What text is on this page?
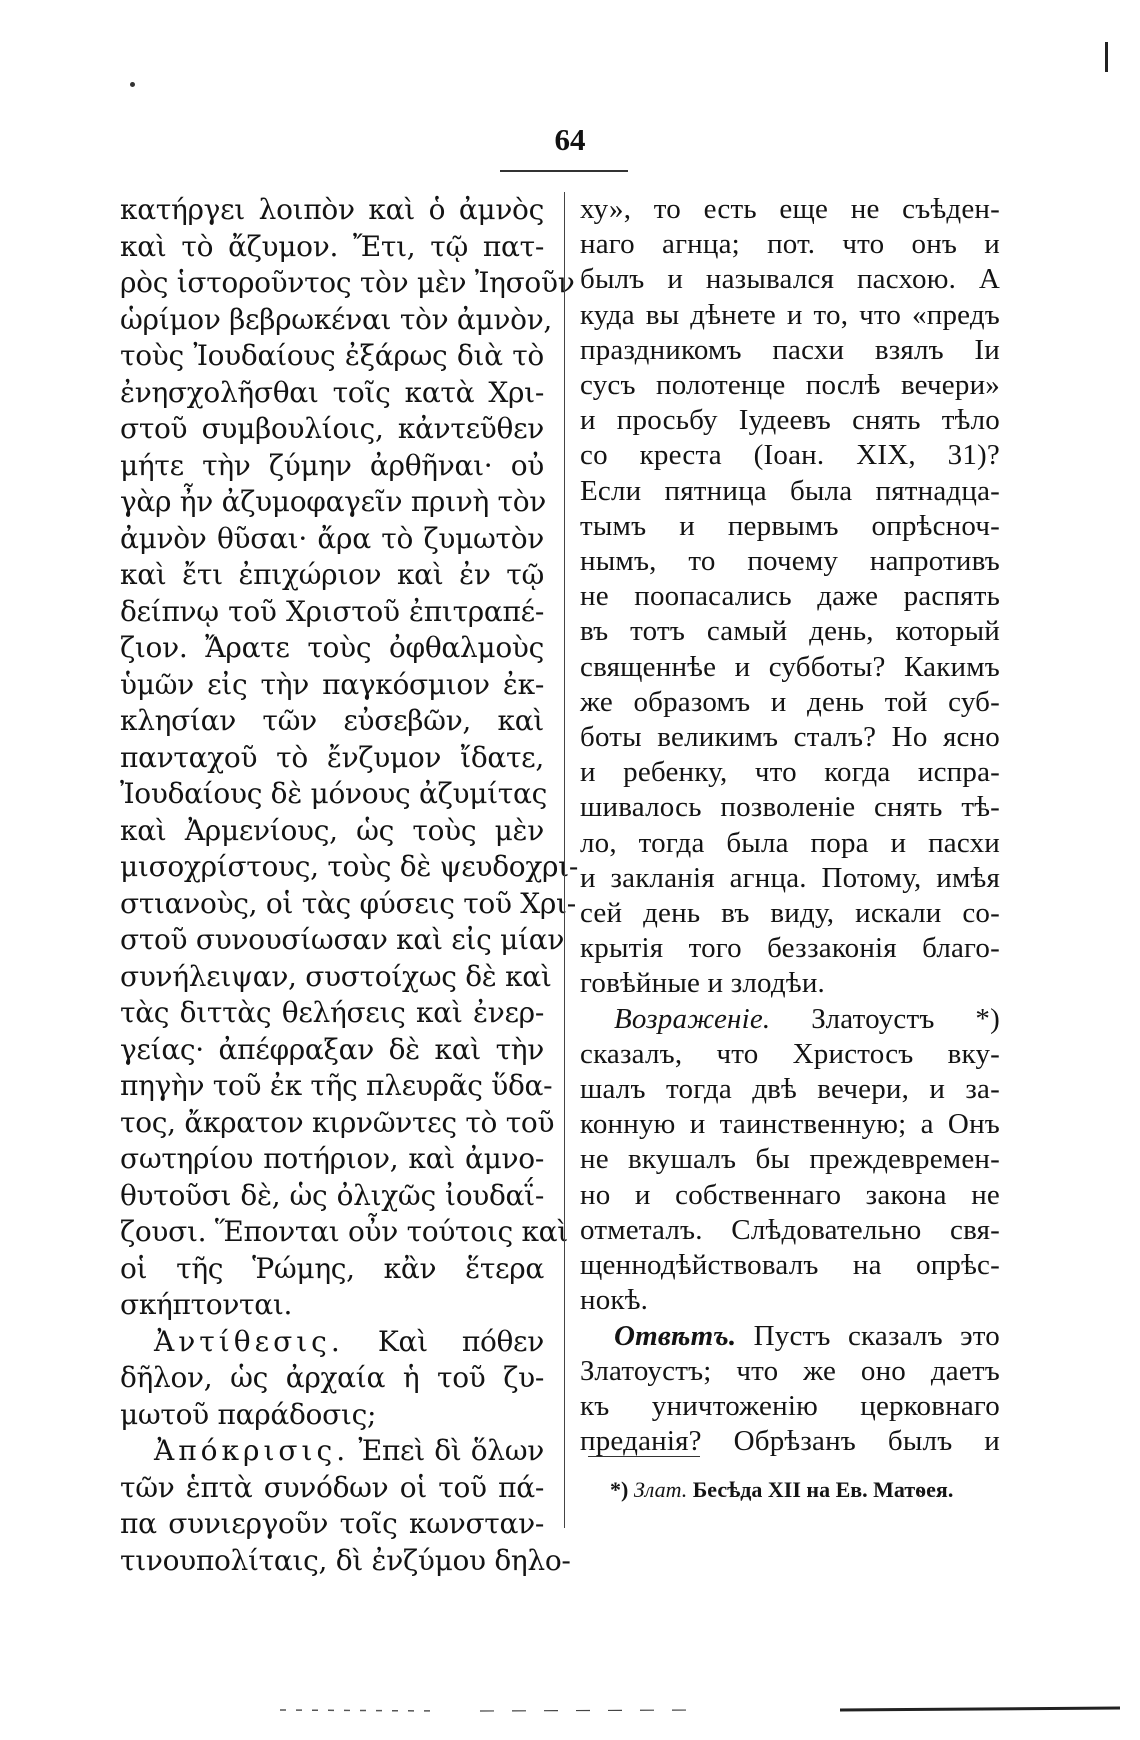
64
κατήργει λοιπὸν καὶ ὁ ἀμνὸς
καὶ τὸ ἄζυμον. Ἔτι, τῷ πατ-
ρὸς ἱστοροῦντος τὸν μὲν Ἰησοῦν
ὡρίμον βεβρωκέναι τὸν ἀμνὸν,
τοὺς Ἰουδαίους ἐξάρως διὰ τὸ
ἐνησχολῆσθαι τοῖς κατὰ Χρι-
στοῦ συμβουλίοις, κἀντεῦθεν
μήτε τὴν ζύμην ἀρθῆναι· οὐ
γὰρ ἦν ἀζυμοφαγεῖν πρινὴ τὸν
ἀμνὸν θῦσαι· ἄρα τὸ ζυμωτὸν
καὶ ἔτι ἐπιχώριον καὶ ἐν τῷ
δείπνῳ τοῦ Χριστοῦ ἐπιτραπέ-
ζιον. Ἄρατε τοὺς ὀφθαλμοὺς
ὑμῶν εἰς τὴν παγκόσμιον ἐκ-
κλησίαν τῶν εὐσεβῶν, καὶ
πανταχοῦ τὸ ἔνζυμον ἴδατε,
Ἰουδαίους δὲ μόνους ἀζυμίτας
καὶ Ἀρμενίους, ὡς τοὺς μὲν
μισοχρίστους, τοὺς δὲ ψευδοχρι-
στιανοὺς, οἱ τὰς φύσεις τοῦ Χρι-
στοῦ συνουσίωσαν καὶ εἰς μίαν
συνήλειψαν, συστοίχως δὲ καὶ
τὰς διττὰς θελήσεις καὶ ἐνερ-
γείας· ἀπέφραξαν δὲ καὶ τὴν
πηγὴν τοῦ ἐκ τῆς πλευρᾶς ὕδα-
τος, ἄκρατον κιρνῶντες τὸ τοῦ
σωτηρίου ποτήριον, καὶ ἀμνο-
θυτοῦσι δὲ, ὡς ὀλιχῶς ἰουδαΐ-
ζουσι. Ἕπονται οὖν τούτοις καὶ
οἱ τῆς Ῥώμης, κἂν ἕτερα
σκήπτονται.
Ἀντίθεσις. Καὶ πόθεν
δῆλον, ὡς ἀρχαία ἡ τοῦ ζυ-
μωτοῦ παράδοσις;
Ἀπόκρισις. Ἐπεὶ δὶ ὅλων
τῶν ἑπτὰ συνόδων οἱ τοῦ πά-
πα συνιεργοῦν τοῖς κωνσταν-
τινουπολίταις, δὶ ἐνζύμου δηλο-
ху», то есть еще не съѣден-
наго агнца; пот. что онъ и
былъ и назывался пасхою. А
куда вы дѣнете и то, что «предъ
праздникомъ пасхи взялъ Іи
сусъ полотенце послѣ вечери»
и просьбу Іудеевъ снять тѣло
со креста (Іоан. XIX, 31)?
Если пятница была пятнадца-
тымъ и первымъ опрѣсноч-
нымъ, то почему напротивъ
не поопасались даже распять
въ тотъ самый день, который
священнѣе и субботы? Какимъ
же образомъ и день той суб-
боты великимъ сталъ? Но ясно
и ребенку, что когда испра-
шивалось позволеніе снять тѣ-
ло, тогда была пора и пасхи
и закланія агнца. Потому, имѣя
сей день въ виду, искали со-
крытія того беззаконія благо-
говѣйные и злодѣи.
Возраженіе. Златоустъ *)
сказалъ, что Христосъ вку-
шалъ тогда двѣ вечери, и за-
конную и таинственную; а Онъ
не вкушалъ бы преждевремен-
но и собственнаго закона не
отметалъ. Слѣдовательно свя-
щеннодѣйствовалъ на опрѣс-
нокѣ.
Отвѣтъ. Пустъ сказалъ это
Златоустъ; что же оно даетъ
къ уничтоженію церковнаго
преданія? Обрѣзанъ былъ и
*) Злат. Бесѣда XII на Ев. Матѳея.
